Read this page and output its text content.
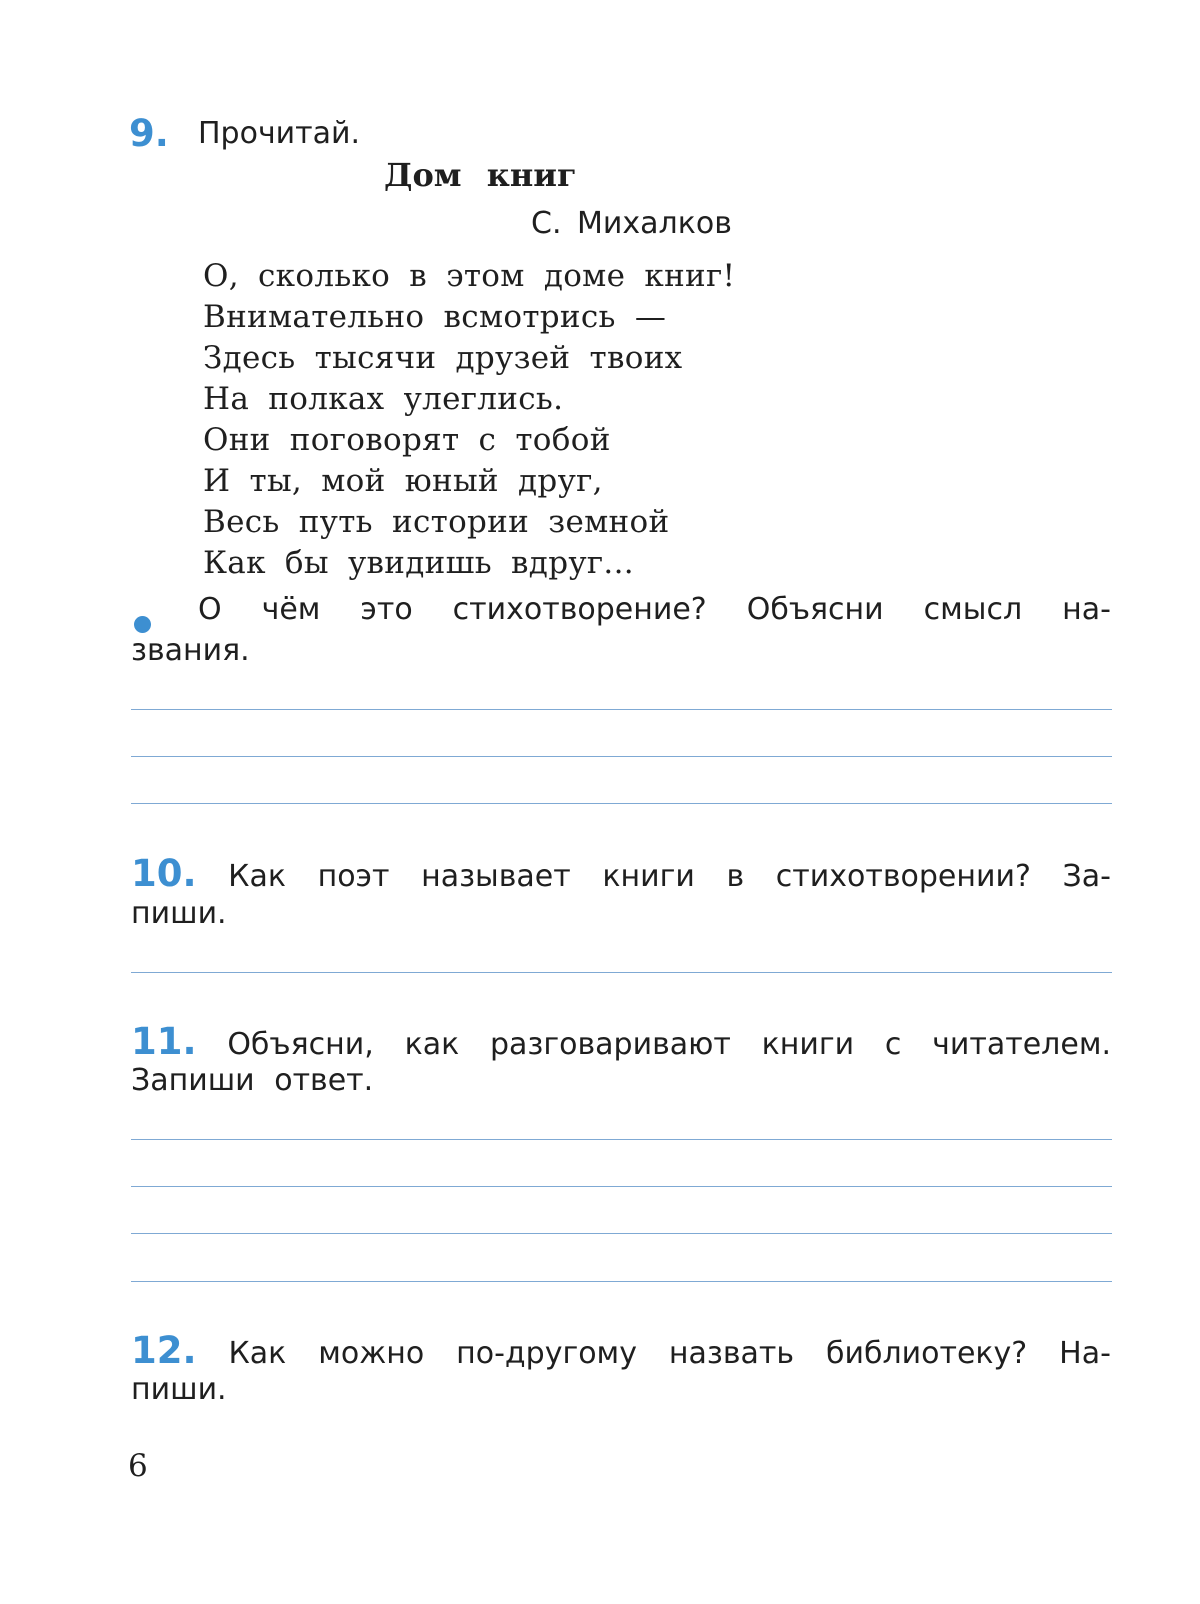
9. Прочитай.
Дом книг
С. Михалков
О, сколько в этом доме книг!
Внимательно всмотрись —
Здесь тысячи друзей твоих
На полках улеглись.
Они поговорят с тобой
И ты, мой юный друг,
Весь путь истории земной
Как бы увидишь вдруг...
О чём это стихотворение? Объясни смысл на-
звания.
10. Как поэт называет книги в стихотворении? За-
пиши.
11. Объясни, как разговаривают книги с читателем.
Запиши ответ.
12. Как можно по-другому назвать библиотеку? На-
пиши.
6
